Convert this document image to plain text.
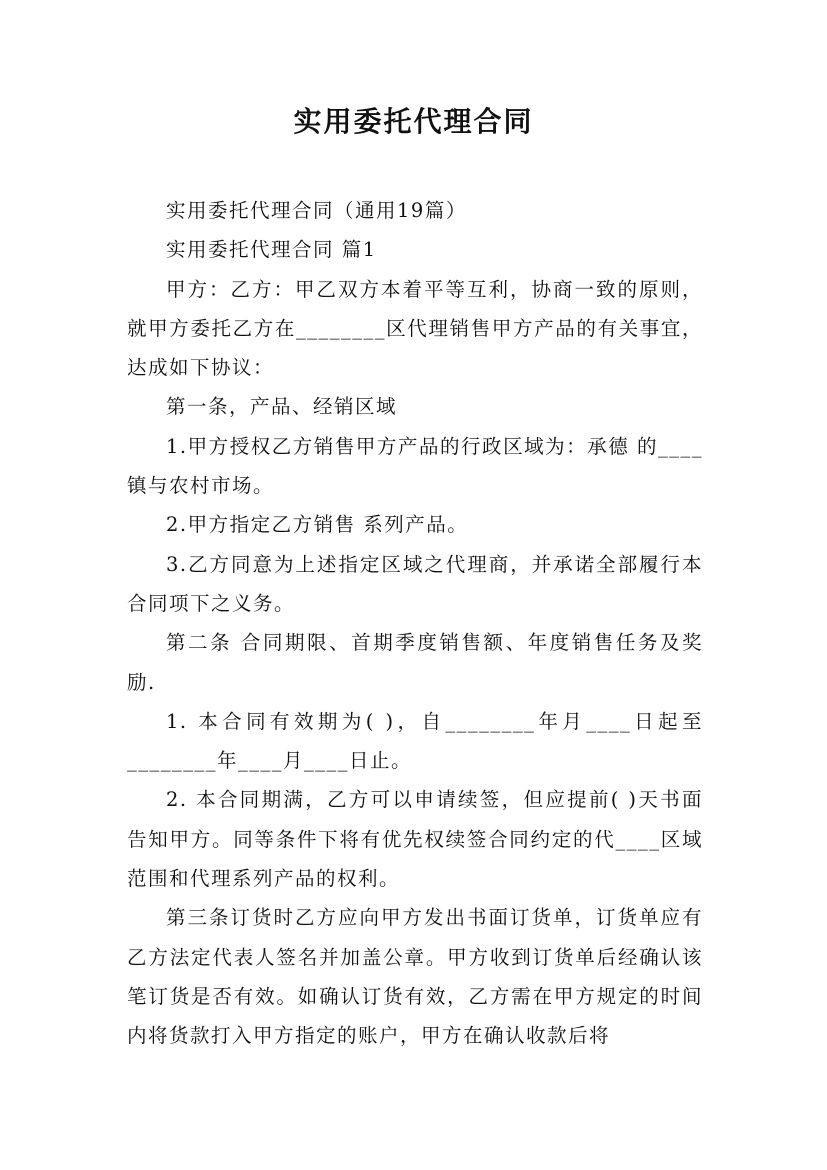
实用委托代理合同

实用委托代理合同（通用19篇）

实用委托代理合同 篇1

甲方：乙方：甲乙双方本着平等互利，协商一致的原则，就甲方委托乙方在________区代理销售甲方产品的有关事宜，达成如下协议：

第一条，产品、经销区域

1.甲方授权乙方销售甲方产品的行政区域为：承德 的____镇与农村市场。

2.甲方指定乙方销售 系列产品。

3.乙方同意为上述指定区域之代理商，并承诺全部履行本合同项下之义务。

第二条 合同期限、首期季度销售额、年度销售任务及奖励.

1. 本合同有效期为( )，自________年月____日起至________年____月____日止。

2. 本合同期满，乙方可以申请续签，但应提前( )天书面告知甲方。同等条件下将有优先权续签合同约定的代____区域范围和代理系列产品的权利。

第三条订货时乙方应向甲方发出书面订货单，订货单应有乙方法定代表人签名并加盖公章。甲方收到订货单后经确认该笔订货是否有效。如确认订货有效，乙方需在甲方规定的时间内将货款打入甲方指定的账户，甲方在确认收款后将
